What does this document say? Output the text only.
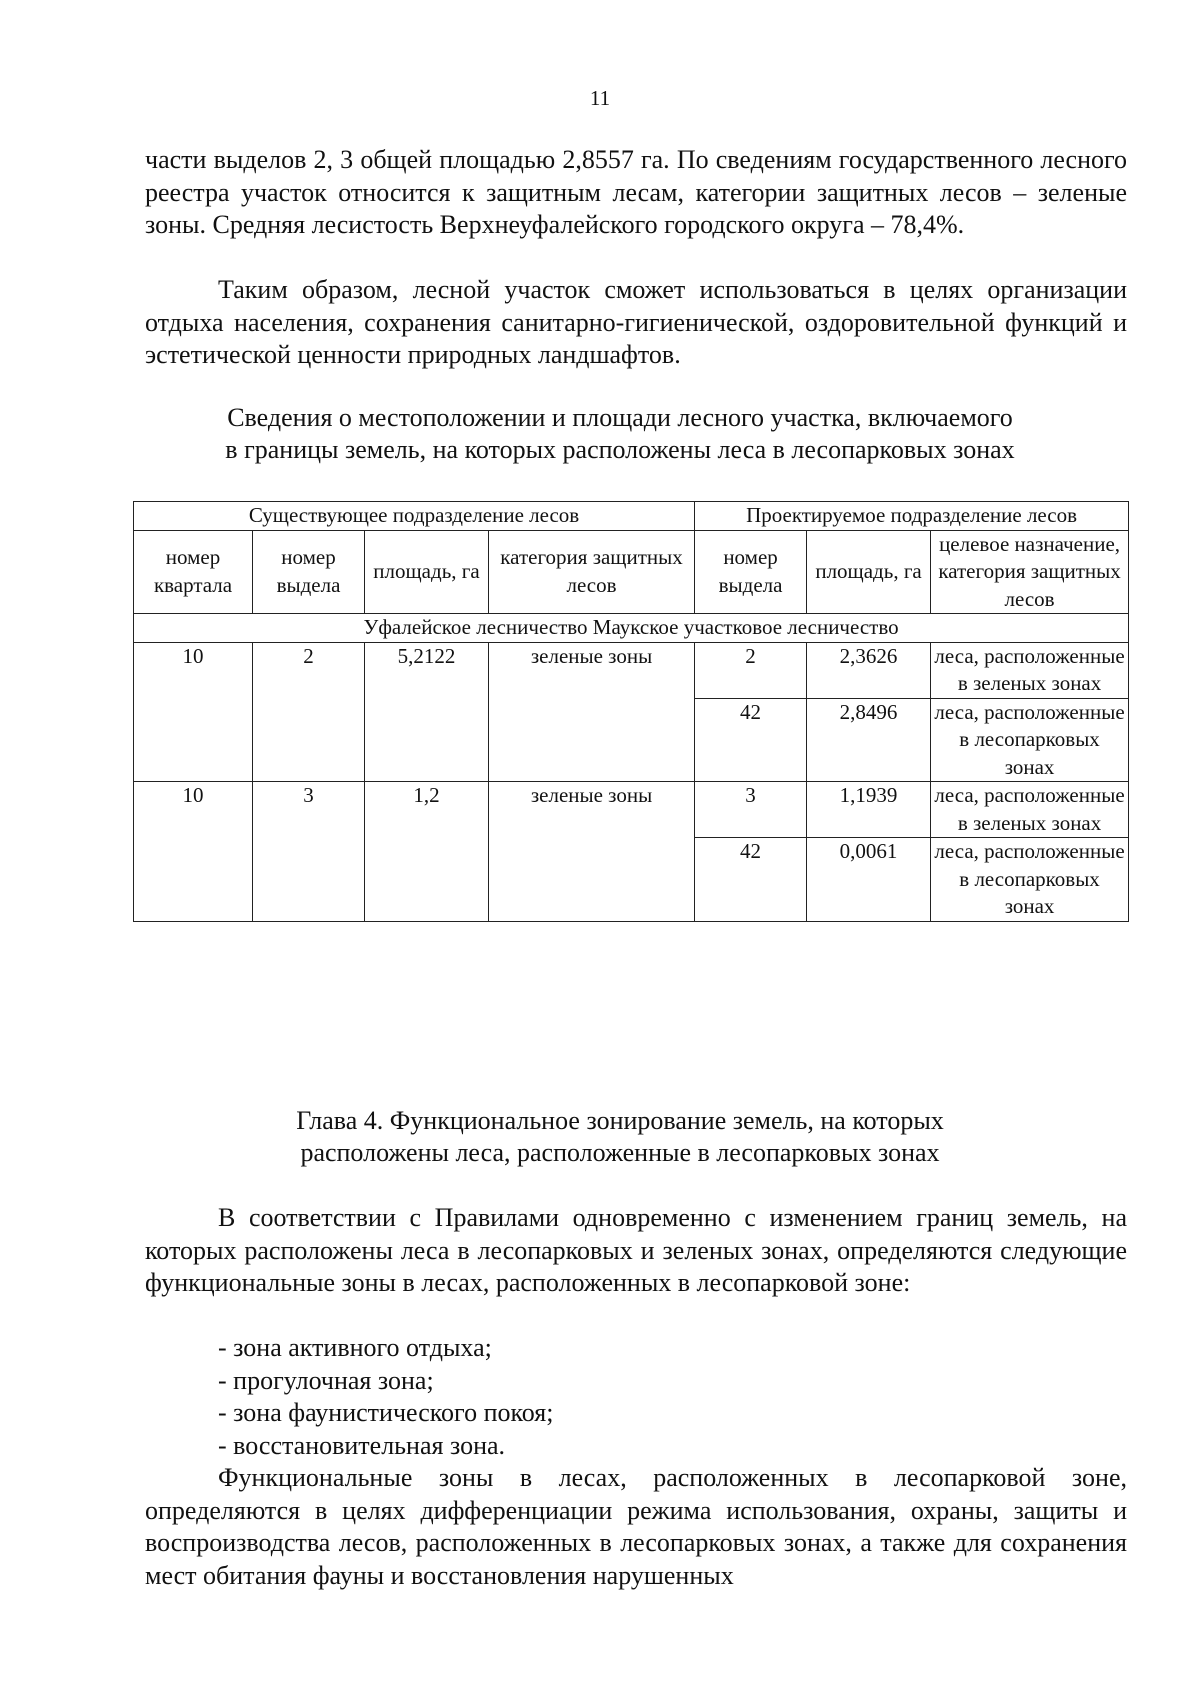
11

части выделов 2, 3 общей площадью 2,8557 га. По сведениям государственного лесного реестра участок относится к защитным лесам, категории защитных лесов – зеленые зоны. Средняя лесистость Верхнеуфалейского городского округа – 78,4%.

Таким образом, лесной участок сможет использоваться в целях организации отдыха населения, сохранения санитарно-гигиенической, оздоровительной функций и эстетической ценности природных ландшафтов.

Сведения о местоположении и площади лесного участка, включаемого
в границы земель, на которых расположены леса в лесопарковых зонах
Существующее подразделение лесов				Проектируемое подразделение лесов		
номер квартала	номер выдела	площадь, га	категория защитных лесов	номер выдела	площадь, га	целевое назначение, категория защитных лесов
Уфалейское лесничество Маукское участковое лесничество						
10	2	5,2122	зеленые зоны	2	2,3626	леса, расположенные в зеленых зонах
				42	2,8496	леса, расположенные в лесопарковых зонах
10	3	1,2	зеленые зоны	3	1,1939	леса, расположенные в зеленых зонах
				42	0,0061	леса, расположенные в лесопарковых зонах
Глава 4. Функциональное зонирование земель, на которых
расположены леса, расположенные в лесопарковых зонах

В соответствии с Правилами одновременно с изменением границ земель, на которых расположены леса в лесопарковых и зеленых зонах, определяются следующие функциональные зоны в лесах, расположенных в лесопарковой зоне:

- зона активного отдыха;
- прогулочная зона;
- зона фаунистического покоя;
- восстановительная зона.

Функциональные зоны в лесах, расположенных в лесопарковой зоне, определяются в целях дифференциации режима использования, охраны, защиты и воспроизводства лесов, расположенных в лесопарковых зонах, а также для сохранения мест обитания фауны и восстановления нарушенных
